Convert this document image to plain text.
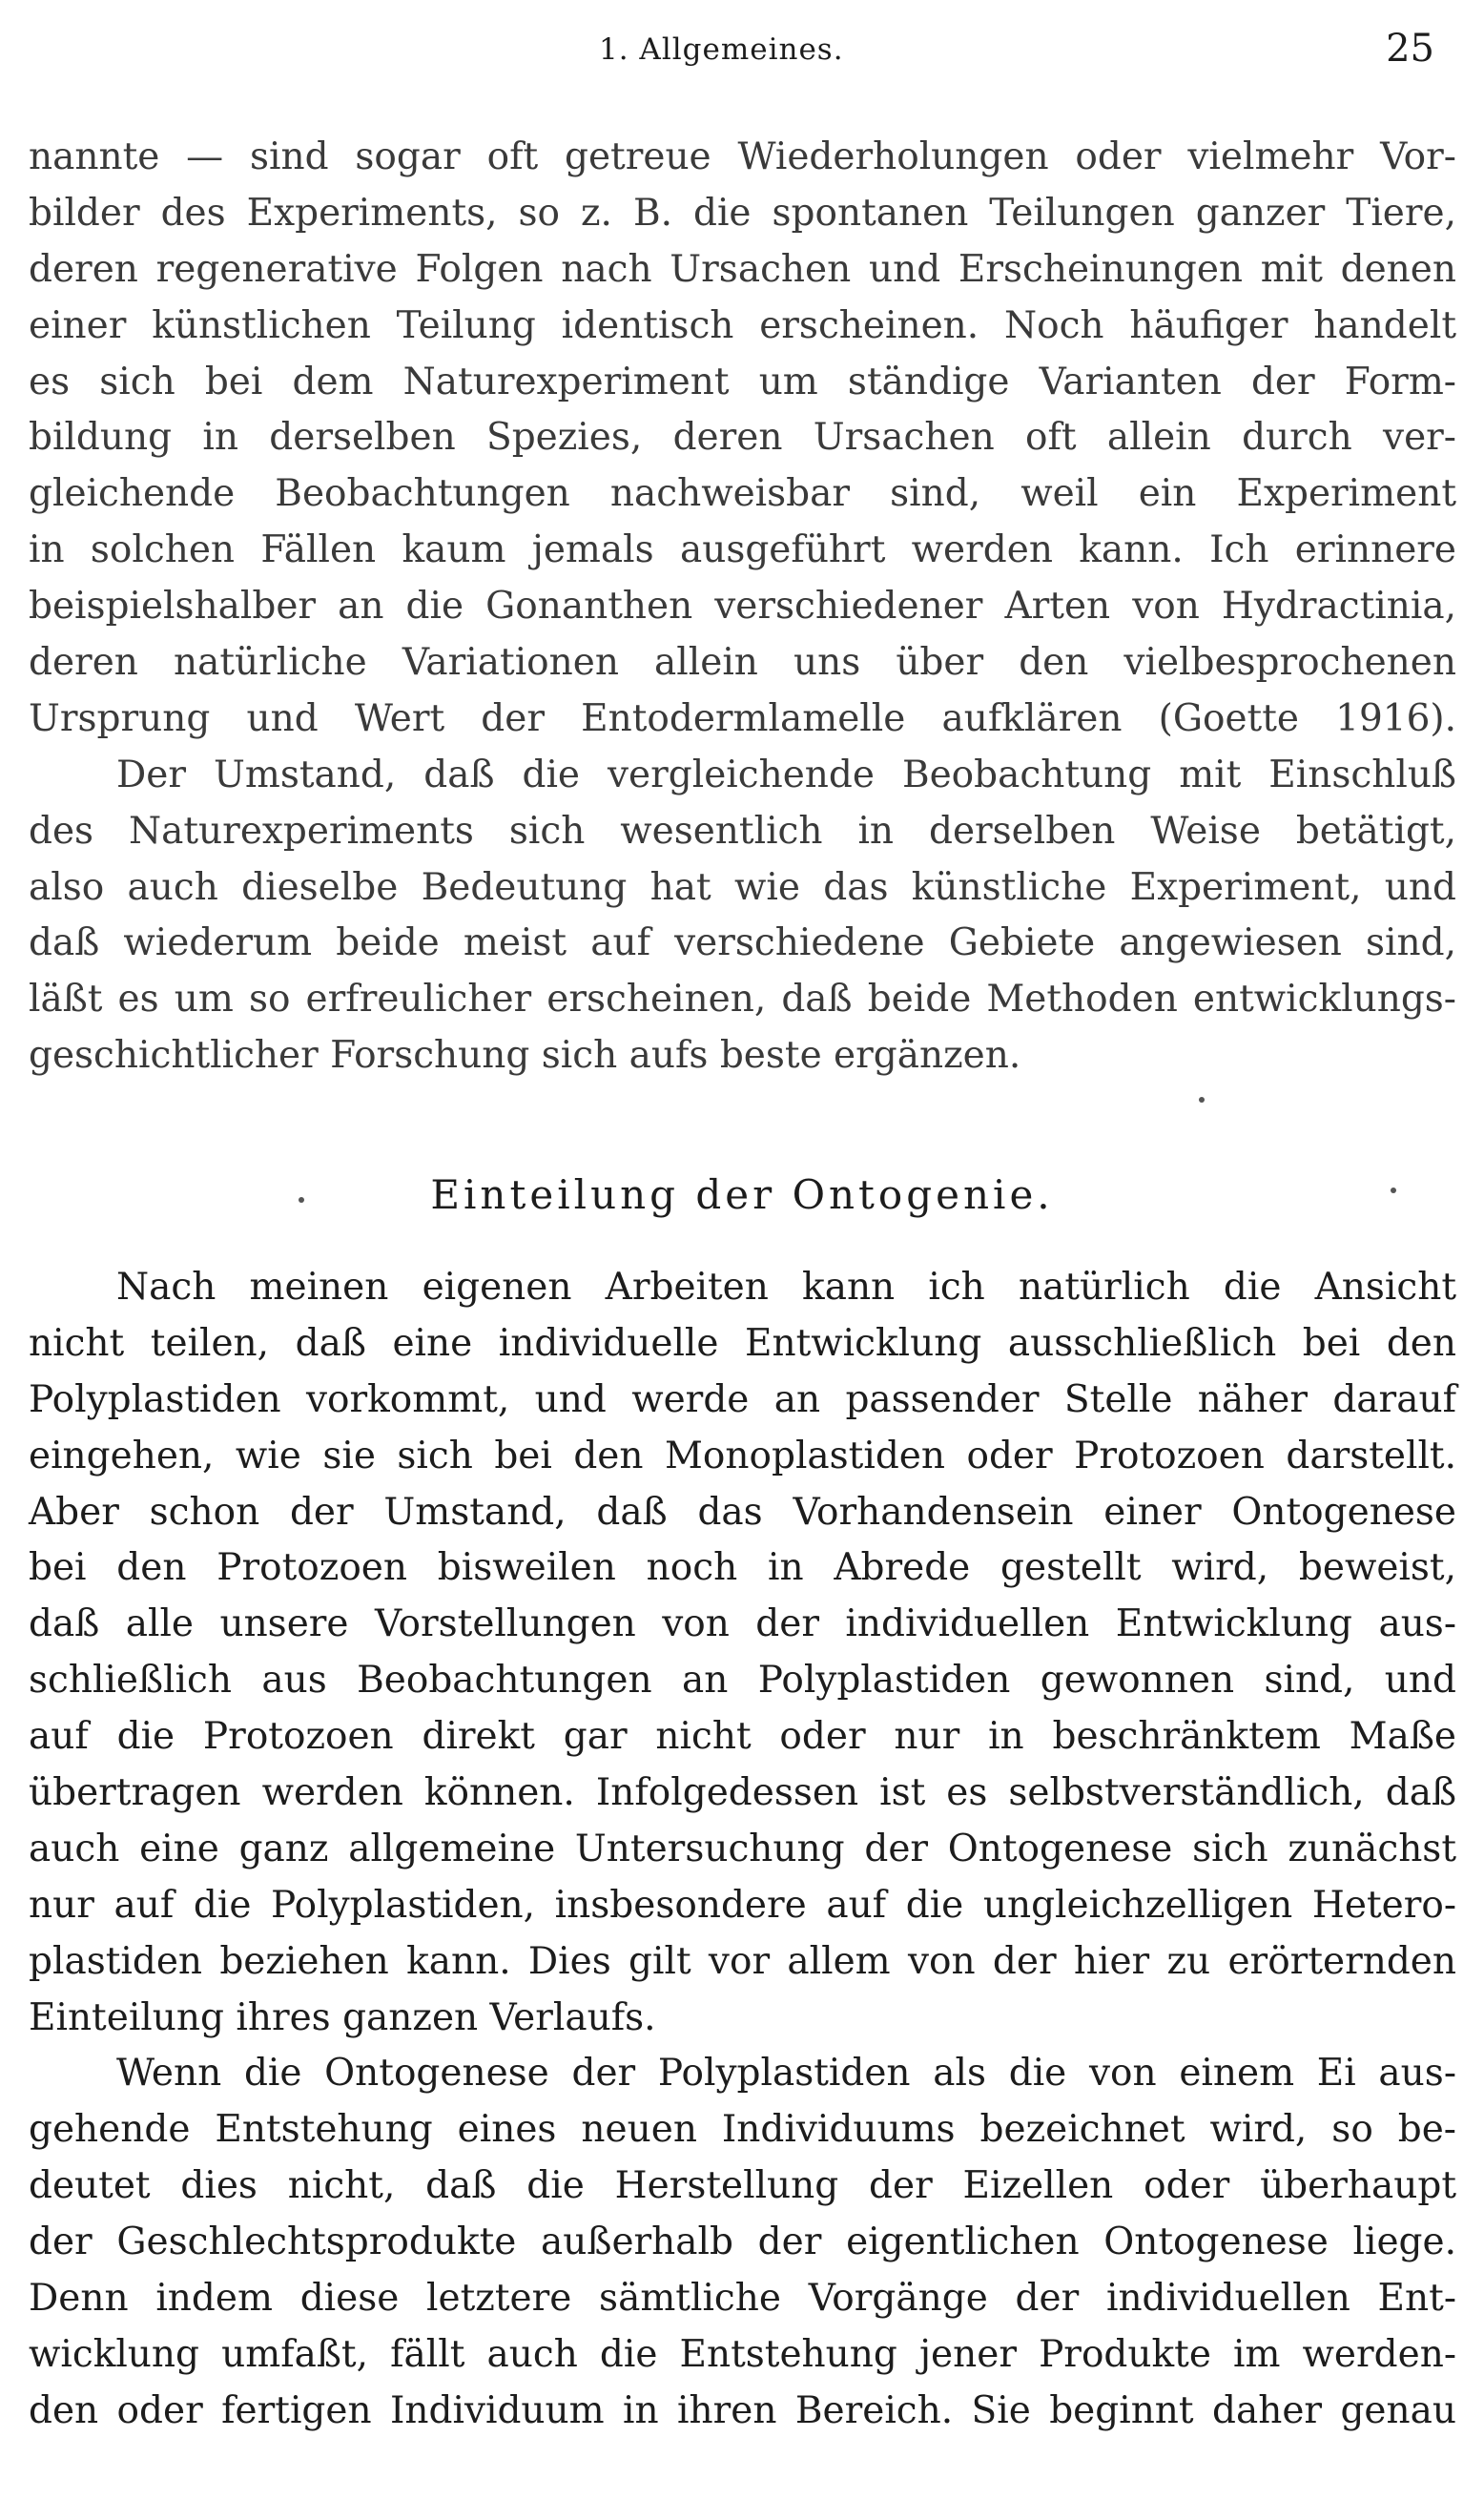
1. Allgemeines.	25
nannte — sind sogar oft getreue Wiederholungen oder vielmehr Vor-
bilder des Experiments, so z. B. die spontanen Teilungen ganzer Tiere,
deren regenerative Folgen nach Ursachen und Erscheinungen mit denen
einer künstlichen Teilung identisch erscheinen. Noch häufiger handelt
es sich bei dem Naturexperiment um ständige Varianten der Form-
bildung in derselben Spezies, deren Ursachen oft allein durch ver-
gleichende Beobachtungen nachweisbar sind, weil ein Experiment
in solchen Fällen kaum jemals ausgeführt werden kann. Ich erinnere
beispielshalber an die Gonanthen verschiedener Arten von Hydractinia,
deren natürliche Variationen allein uns über den vielbesprochenen
Ursprung und Wert der Entodermlamelle aufklären (Goette 1916).
Der Umstand, daß die vergleichende Beobachtung mit Einschluß
des Naturexperiments sich wesentlich in derselben Weise betätigt,
also auch dieselbe Bedeutung hat wie das künstliche Experiment, und
daß wiederum beide meist auf verschiedene Gebiete angewiesen sind,
läßt es um so erfreulicher erscheinen, daß beide Methoden entwicklungs-
geschichtlicher Forschung sich aufs beste ergänzen.
Einteilung der Ontogenie.
Nach meinen eigenen Arbeiten kann ich natürlich die Ansicht
nicht teilen, daß eine individuelle Entwicklung ausschließlich bei den
Polyplastiden vorkommt, und werde an passender Stelle näher darauf
eingehen, wie sie sich bei den Monoplastiden oder Protozoen darstellt.
Aber schon der Umstand, daß das Vorhandensein einer Ontogenese
bei den Protozoen bisweilen noch in Abrede gestellt wird, beweist,
daß alle unsere Vorstellungen von der individuellen Entwicklung aus-
schließlich aus Beobachtungen an Polyplastiden gewonnen sind, und
auf die Protozoen direkt gar nicht oder nur in beschränktem Maße
übertragen werden können. Infolgedessen ist es selbstverständlich, daß
auch eine ganz allgemeine Untersuchung der Ontogenese sich zunächst
nur auf die Polyplastiden, insbesondere auf die ungleichzelligen Hetero-
plastiden beziehen kann. Dies gilt vor allem von der hier zu erörternden
Einteilung ihres ganzen Verlaufs.
Wenn die Ontogenese der Polyplastiden als die von einem Ei aus-
gehende Entstehung eines neuen Individuums bezeichnet wird, so be-
deutet dies nicht, daß die Herstellung der Eizellen oder überhaupt
der Geschlechtsprodukte außerhalb der eigentlichen Ontogenese liege.
Denn indem diese letztere sämtliche Vorgänge der individuellen Ent-
wicklung umfaßt, fällt auch die Entstehung jener Produkte im werden-
den oder fertigen Individuum in ihren Bereich. Sie beginnt daher genau
